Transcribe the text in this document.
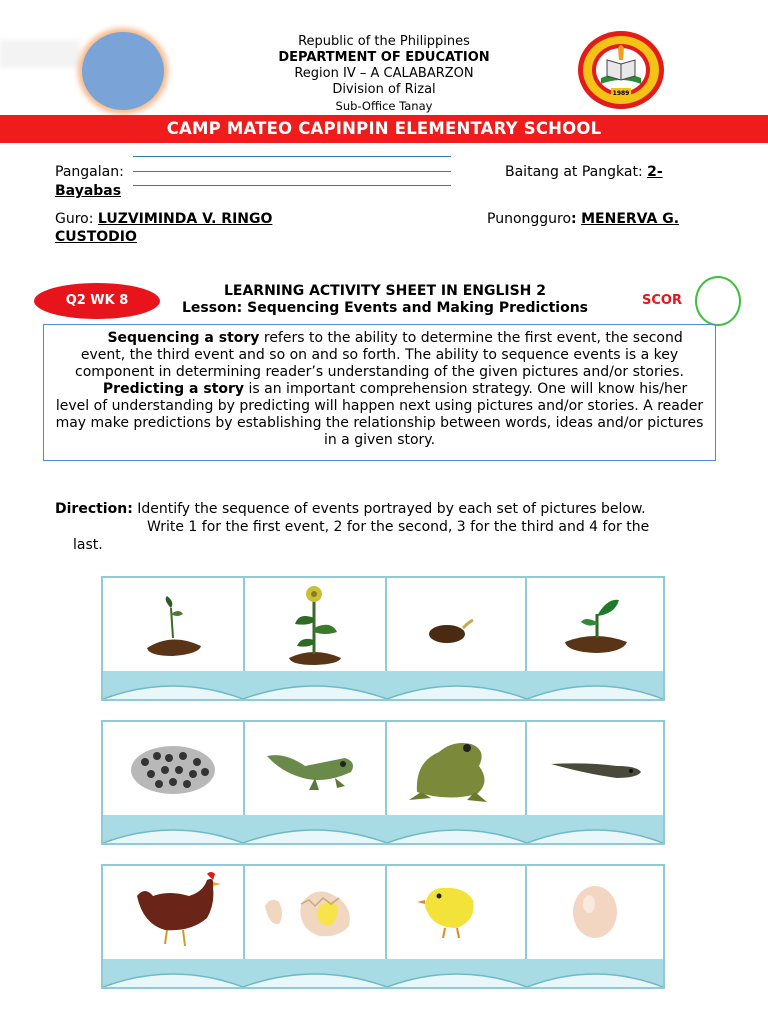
Republic of the Philippines
DEPARTMENT OF EDUCATION
Region IV – A CALABARZON
Division of Rizal
Sub-Office Tanay
1989
CAMP MATEO CAPINPIN ELEMENTARY SCHOOL
Pangalan:	Baitang at Pangkat: 2-
Bayabas
Guro: LUZVIMINDA V. RINGO	Punongguro: MENERVA G.
CUSTODIO
Q2 WK 8
LEARNING ACTIVITY SHEET IN ENGLISH 2
Lesson: Sequencing Events and Making Predictions	SCOR

Sequencing a story refers to the ability to determine the first event, the second event, the third event and so on and so forth. The ability to sequence events is a key component in determining reader’s understanding of the given pictures and/or stories.

Predicting a story is an important comprehension strategy. One will know his/her level of understanding by predicting will happen next using pictures and/or stories. A reader may make predictions by establishing the relationship between words, ideas and/or pictures in a given story.

Direction: Identify the sequence of events portrayed by each set of pictures below.
Write 1 for the first event, 2 for the second, 3 for the third and 4 for the
last.
